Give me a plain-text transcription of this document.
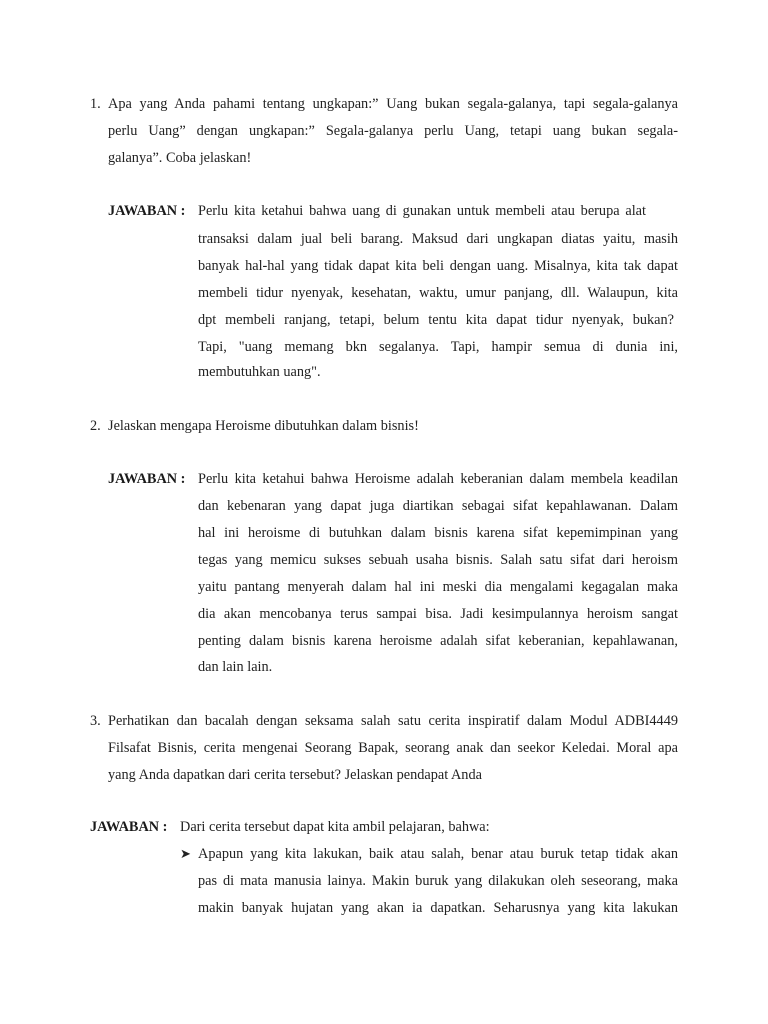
1. Apa yang Anda pahami tentang ungkapan:” Uang bukan segala-galanya, tapi segala-galanya
perlu Uang” dengan ungkapan:” Segala-galanya perlu Uang, tetapi uang bukan segala-
galanya”. Coba jelaskan!
JAWABAN : Perlu kita ketahui bahwa uang di gunakan untuk membeli atau berupa alat
transaksi dalam jual beli barang. Maksud dari ungkapan diatas yaitu, masih
banyak hal-hal yang tidak dapat kita beli dengan uang. Misalnya, kita tak dapat
membeli tidur nyenyak, kesehatan, waktu, umur panjang, dll. Walaupun, kita
dpt membeli ranjang, tetapi, belum tentu kita dapat tidur nyenyak, bukan?
Tapi, "uang memang bkn segalanya. Tapi, hampir semua di dunia ini,
membutuhkan uang".
2. Jelaskan mengapa Heroisme dibutuhkan dalam bisnis!
JAWABAN : Perlu kita ketahui bahwa Heroisme adalah keberanian dalam membela keadilan
dan kebenaran yang dapat juga diartikan sebagai sifat kepahlawanan. Dalam
hal ini heroisme di butuhkan dalam bisnis karena sifat kepemimpinan yang
tegas yang memicu sukses sebuah usaha bisnis. Salah satu sifat dari heroism
yaitu pantang menyerah dalam hal ini meski dia mengalami kegagalan maka
dia akan mencobanya terus sampai bisa. Jadi kesimpulannya heroism sangat
penting dalam bisnis karena heroisme adalah sifat keberanian, kepahlawanan,
dan lain lain.
3. Perhatikan dan bacalah dengan seksama salah satu cerita inspiratif dalam Modul ADBI4449
Filsafat Bisnis, cerita mengenai Seorang Bapak, seorang anak dan seekor Keledai. Moral apa
yang Anda dapatkan dari cerita tersebut? Jelaskan pendapat Anda
JAWABAN : Dari cerita tersebut dapat kita ambil pelajaran, bahwa:
➤ Apapun yang kita lakukan, baik atau salah, benar atau buruk tetap tidak akan
pas di mata manusia lainya. Makin buruk yang dilakukan oleh seseorang, maka
makin banyak hujatan yang akan ia dapatkan. Seharusnya yang kita lakukan
